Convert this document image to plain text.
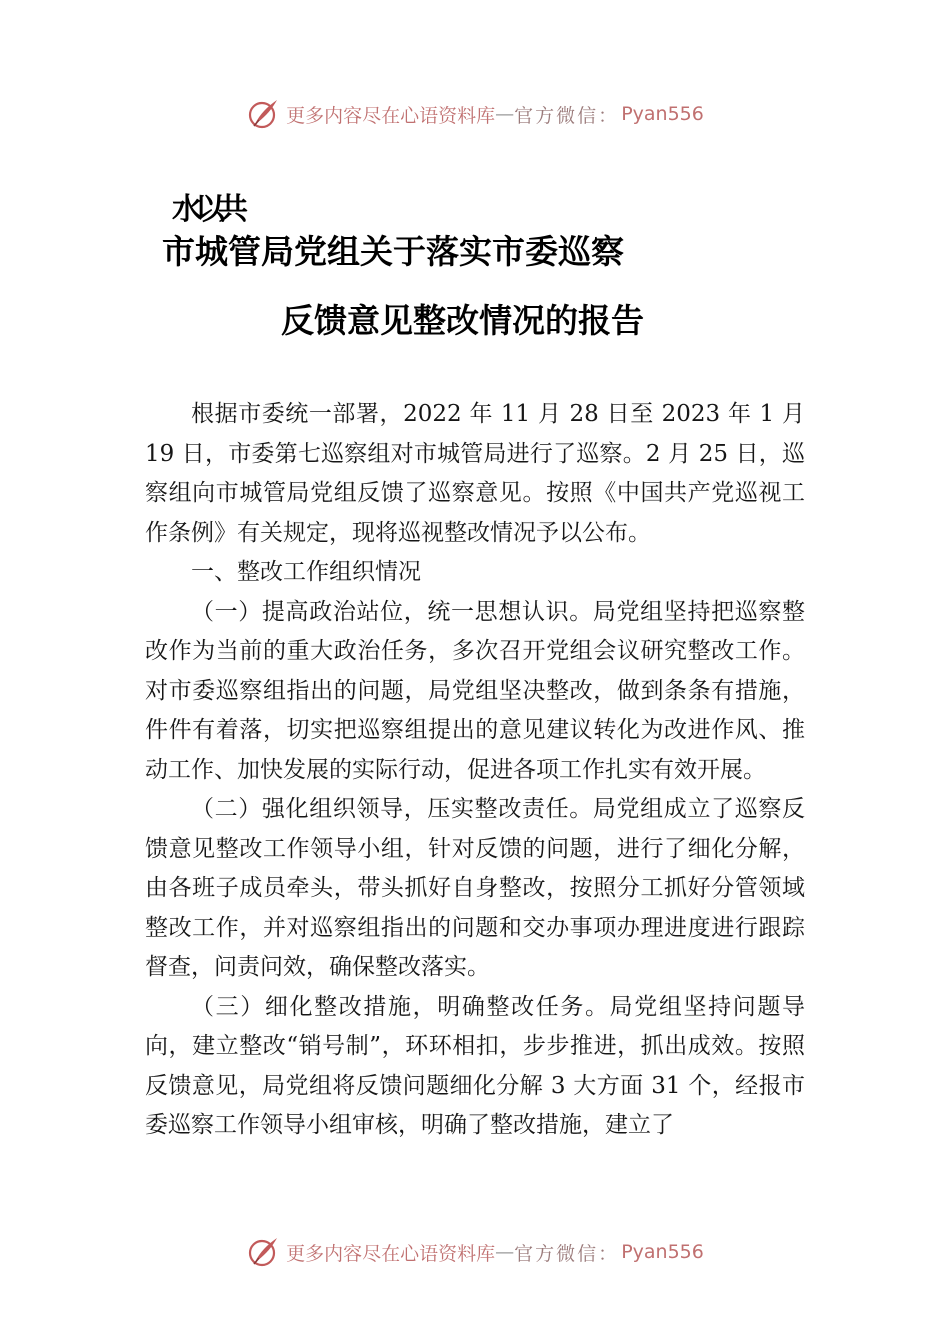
更多内容尽在心语资料库 — 官方微信： Pyan556
水以共
市城管局党组关于落实市委巡察
反馈意见整改情况的报告

根据市委统一部署，2022 年 11 月 28 日至 2023 年 1 月 19 日，市委第七巡察组对市城管局进行了巡察。2 月 25 日，巡察组向市城管局党组反馈了巡察意见。按照《中国共产党巡视工作条例》有关规定，现将巡视整改情况予以公布。

一、整改工作组织情况

（一）提高政治站位，统一思想认识。局党组坚持把巡察整改作为当前的重大政治任务，多次召开党组会议研究整改工作。对市委巡察组指出的问题，局党组坚决整改，做到条条有措施，件件有着落，切实把巡察组提出的意见建议转化为改进作风、推动工作、加快发展的实际行动，促进各项工作扎实有效开展。

（二）强化组织领导，压实整改责任。局党组成立了巡察反馈意见整改工作领导小组，针对反馈的问题，进行了细化分解，由各班子成员牵头，带头抓好自身整改，按照分工抓好分管领域整改工作，并对巡察组指出的问题和交办事项办理进度进行跟踪督查，问责问效，确保整改落实。

（三）细化整改措施，明确整改任务。局党组坚持问题导向，建立整改“销号制”，环环相扣，步步推进，抓出成效。按照反馈意见，局党组将反馈问题细化分解 3 大方面 31 个，经报市委巡察工作领导小组审核，明确了整改措施，建立了

更多内容尽在心语资料库 — 官方微信： Pyan556
